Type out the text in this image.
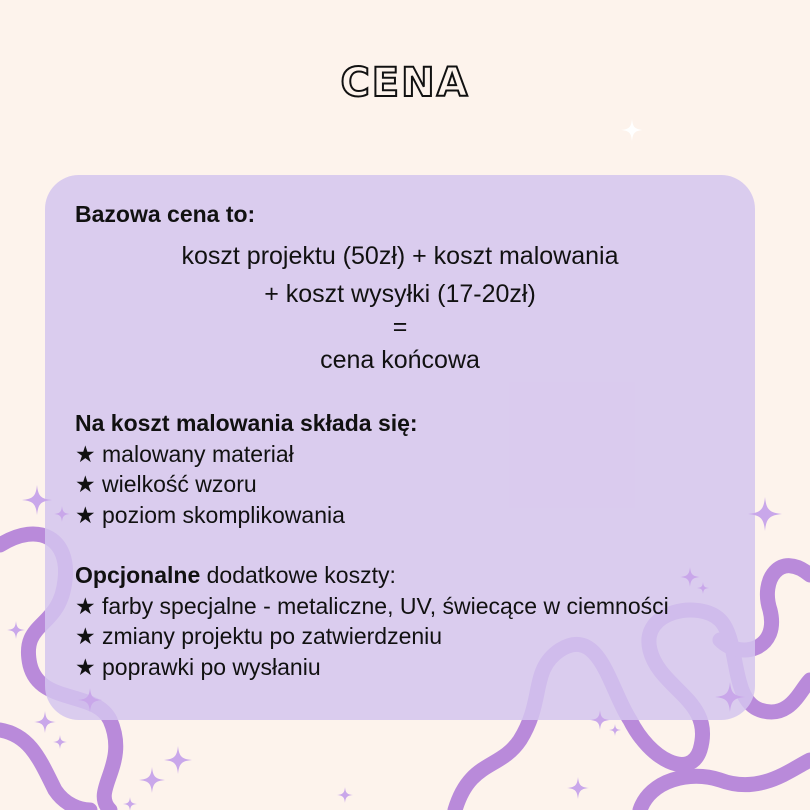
CENA
Bazowa cena to:
koszt projektu (50zł) + koszt malowania
+ koszt wysyłki (17-20zł)
=
cena końcowa
Na koszt malowania składa się:
★ malowany materiał
★ wielkość wzoru
★ poziom skomplikowania
Opcjonalne dodatkowe koszty:
★ farby specjalne - metaliczne, UV, świecące w ciemności
★ zmiany projektu po zatwierdzeniu
★ poprawki po wysłaniu
